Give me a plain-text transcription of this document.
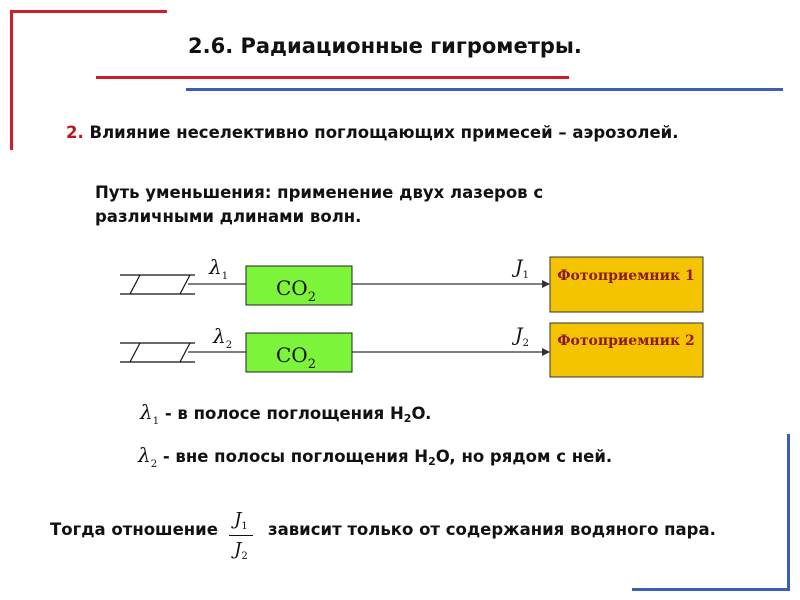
2.6. Радиационные гигрометры.
2. Влияние неселективно поглощающих примесей – аэрозолей.
Путь уменьшения: применение двух лазеров с
различными длинами волн.
$\lambda_1$ $CO_2$
$J_1$ Фотоприемник 1
$\lambda_2$ $CO_2$
$J_2$ Фотоприемник 2
$\lambda_1$ - в полосе поглощения $H_2O$.
$\lambda_2$ - вне полосы поглощения $H_2O$, но рядом с ней.
Тогда отношение $J_1$
$J_2$
зависит только от содержания водяного пара.
